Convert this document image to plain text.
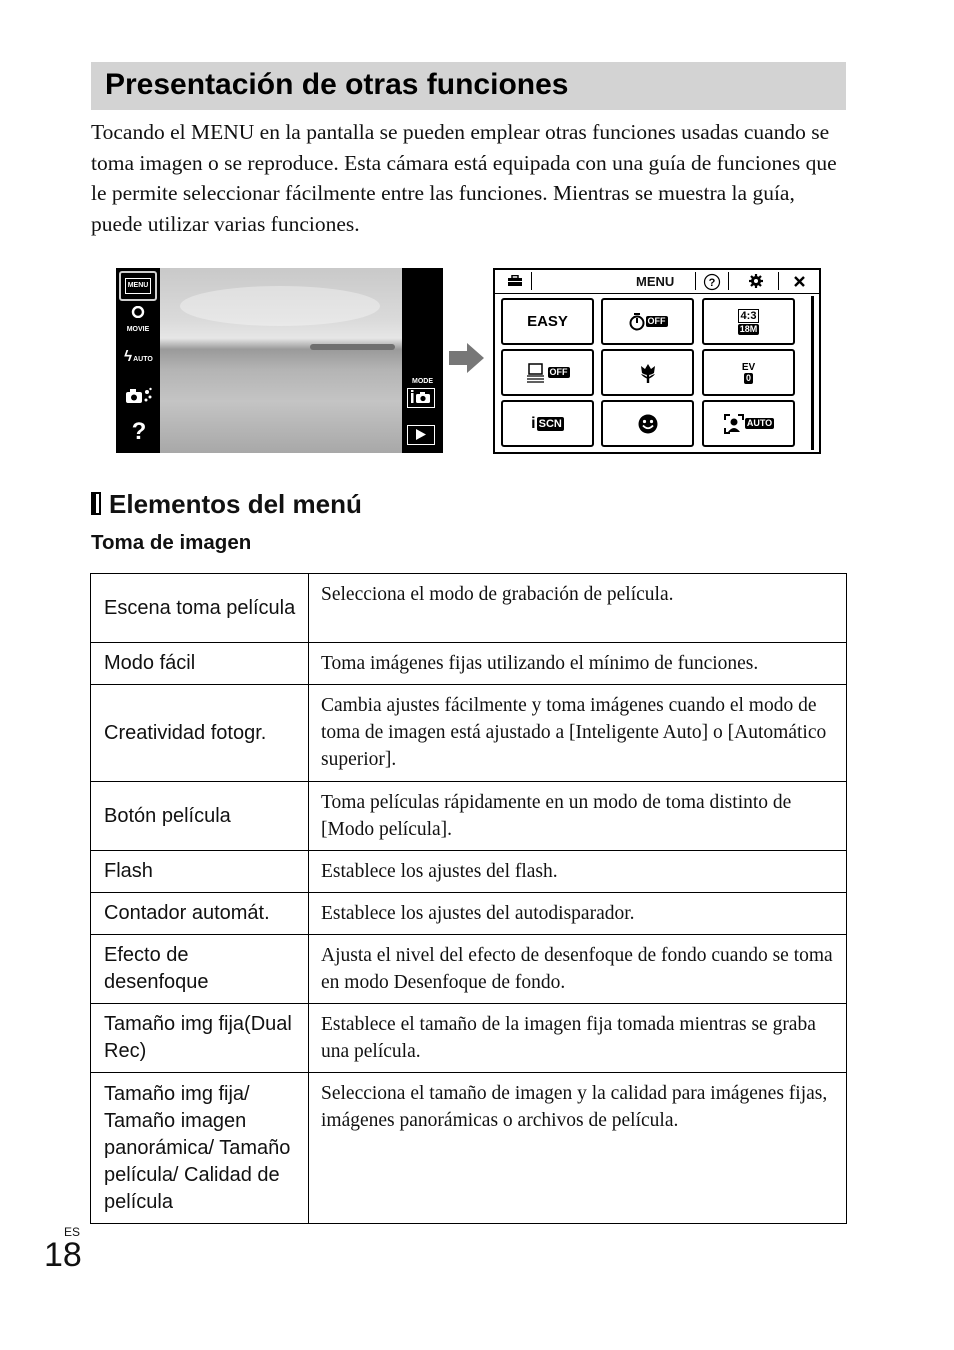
Presentación de otras funciones

Tocando el MENU en la pantalla se pueden emplear otras funciones usadas cuando se toma imagen o se reproduce. Esta cámara está equipada con una guía de funciones que le permite seleccionar fácilmente entre las funciones. Mientras se muestra la guía, puede utilizar varias funciones.

MENU
MOVIE
ϟAUTO
?
MODE
MENU	?
EASY	OFF	4:3
18M
OFF	EV
0
i SCN	AUTO
Elementos del menú
Toma de imagen
Escena toma película	Selecciona el modo de grabación de película.
Modo fácil	Toma imágenes fijas utilizando el mínimo de funciones.
Creatividad fotogr.	Cambia ajustes fácilmente y toma imágenes cuando el modo de toma de imagen está ajustado a [Inteligente Auto] o [Automático superior].
Botón película	Toma películas rápidamente en un modo de toma distinto de [Modo película].
Flash	Establece los ajustes del flash.
Contador automát.	Establece los ajustes del autodisparador.
Efecto de desenfoque	Ajusta el nivel del efecto de desenfoque de fondo cuando se toma en modo Desenfoque de fondo.
Tamaño img fija(Dual Rec)	Establece el tamaño de la imagen fija tomada mientras se graba una película.
Tamaño img fija/ Tamaño imagen panorámica/ Tamaño película/ Calidad de película	Selecciona el tamaño de imagen y la calidad para imágenes fijas, imágenes panorámicas o archivos de película.
ES
18
